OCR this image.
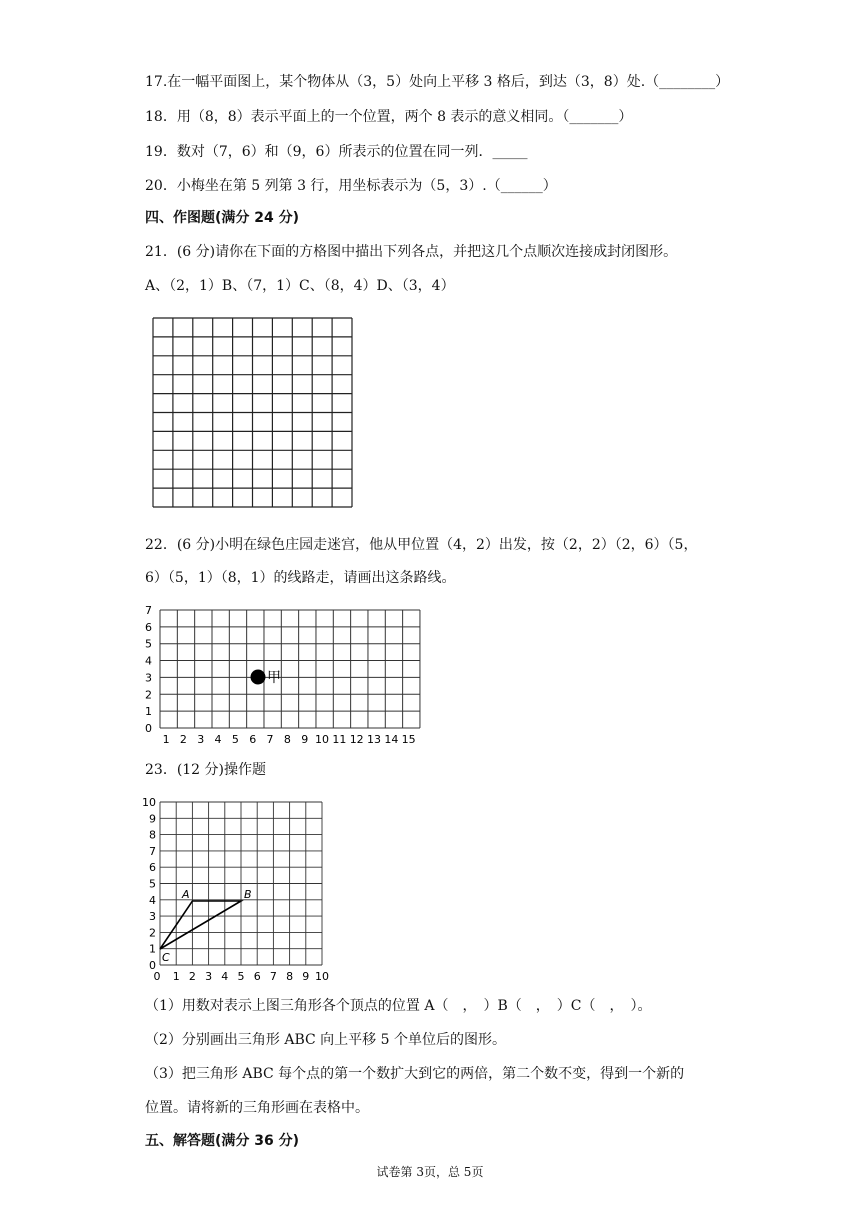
17.在一幅平面图上，某个物体从（3，5）处向上平移 3 格后，到达（3，8）处.（________）
18．用（8，8）表示平面上的一个位置，两个 8 表示的意义相同。（_______）
19．数对（7，6）和（9，6）所表示的位置在同一列．_____
20．小梅坐在第 5 列第 3 行，用坐标表示为（5，3）.（______）
四、作图题(满分 24 分)
21．(6 分)请你在下面的方格图中描出下列各点，并把这几个点顺次连接成封闭图形。
A、（2，1）B、（7，1）C、（8，4）D、（3，4）
22．(6 分)小明在绿色庄园走迷宫，他从甲位置（4，2）出发，按（2，2）（2，6）（5，
6）（5，1）（8，1）的线路走，请画出这条路线。
0
1
2
3
4
5
6
7
1 2 3 4 5 6 7 8 9 10 11 12 13 14 15
甲
23．(12 分)操作题
0
1
2
3
4
5
6
7
8
9
10
0 1 2 3 4 5 6 7 8 9 10
A	B
C
（1）用数对表示上图三角形各个顶点的位置 A（　，　）B（　，　）C（　，　）。
（2）分别画出三角形 ABC 向上平移 5 个单位后的图形。
（3）把三角形 ABC 每个点的第一个数扩大到它的两倍，第二个数不变，得到一个新的
位置。请将新的三角形画在表格中。
五、解答题(满分 36 分)
试卷第 3页，总 5页
